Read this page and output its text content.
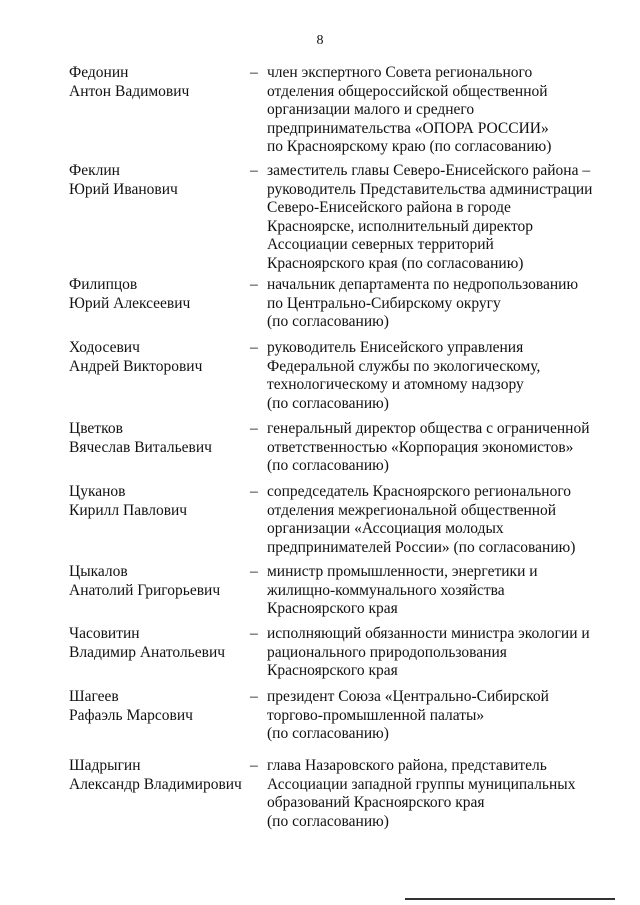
8
Федонин
Антон Вадимович
– член экспертного Совета регионального
отделения общероссийской общественной
организации малого и среднего
предпринимательства «ОПОРА РОССИИ»
по Красноярскому краю (по согласованию)
Феклин
Юрий Иванович
– заместитель главы Северо-Енисейского района –
руководитель Представительства администрации
Северо-Енисейского района в городе
Красноярске, исполнительный директор
Ассоциации северных территорий
Красноярского края (по согласованию)
Филипцов
Юрий Алексеевич
– начальник департамента по недропользованию
по Центрально-Сибирскому округу
(по согласованию)
Ходосевич
Андрей Викторович
– руководитель Енисейского управления
Федеральной службы по экологическому,
технологическому и атомному надзору
(по согласованию)
Цветков
Вячеслав Витальевич
– генеральный директор общества с ограниченной
ответственностью «Корпорация экономистов»
(по согласованию)
Цуканов
Кирилл Павлович
– сопредседатель Красноярского регионального
отделения межрегиональной общественной
организации «Ассоциация молодых
предпринимателей России» (по согласованию)
Цыкалов
Анатолий Григорьевич
– министр промышленности, энергетики и
жилищно-коммунального хозяйства
Красноярского края
Часовитин
Владимир Анатольевич
– исполняющий обязанности министра экологии и
рационального природопользования
Красноярского края
Шагеев
Рафаэль Марсович
– президент Союза «Центрально-Сибирской
торгово-промышленной палаты»
(по согласованию)
Шадрыгин
Александр Владимирович
– глава Назаровского района, представитель
Ассоциации западной группы муниципальных
образований Красноярского края
(по согласованию)
